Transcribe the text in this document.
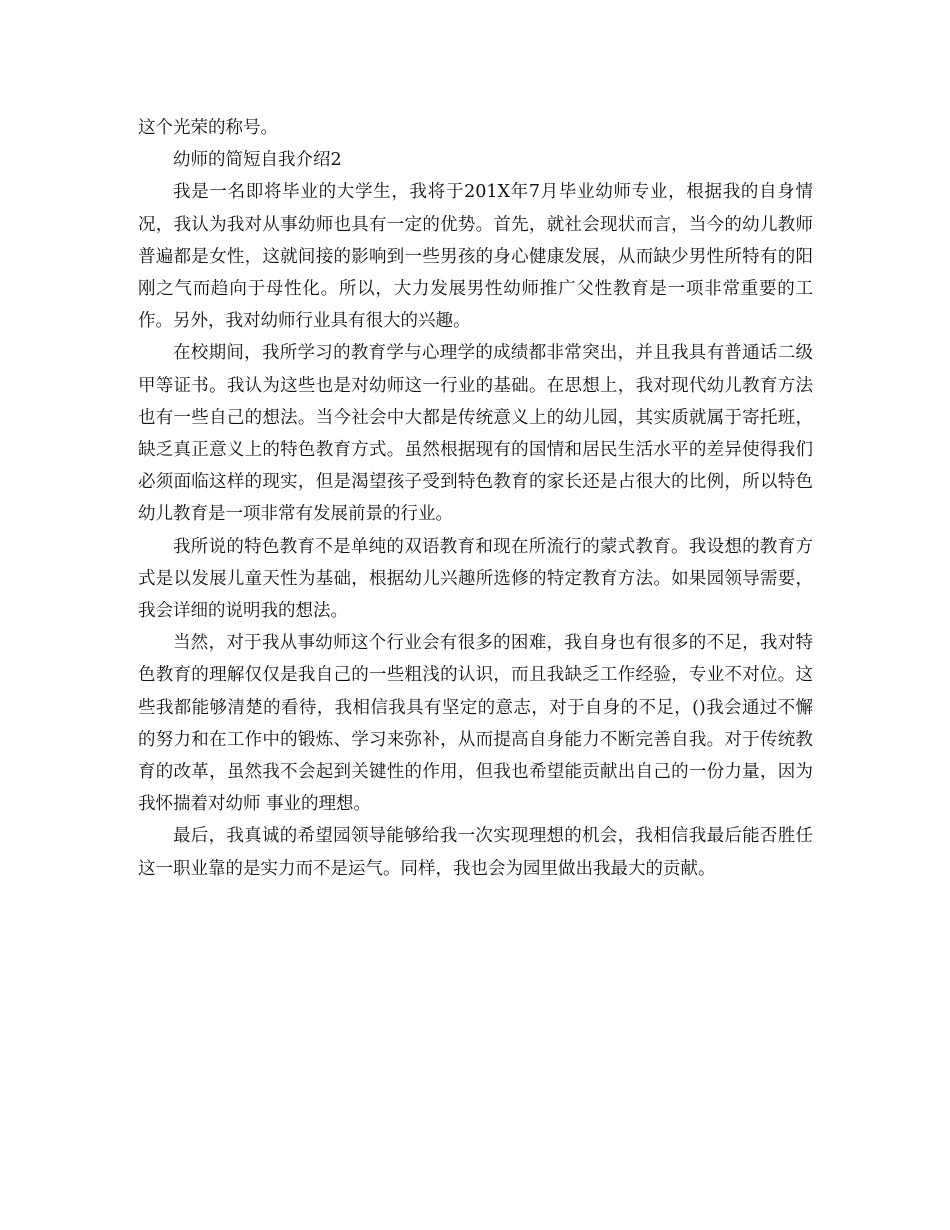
这个光荣的称号。

幼师的简短自我介绍2

我是一名即将毕业的大学生，我将于201X年7月毕业幼师专业，根据我的自身情况，我认为我对从事幼师也具有一定的优势。首先，就社会现状而言，当今的幼儿教师普遍都是女性，这就间接的影响到一些男孩的身心健康发展，从而缺少男性所特有的阳刚之气而趋向于母性化。所以，大力发展男性幼师推广父性教育是一项非常重要的工作。另外，我对幼师行业具有很大的兴趣。

在校期间，我所学习的教育学与心理学的成绩都非常突出，并且我具有普通话二级甲等证书。我认为这些也是对幼师这一行业的基础。在思想上，我对现代幼儿教育方法也有一些自己的想法。当今社会中大都是传统意义上的幼儿园，其实质就属于寄托班，缺乏真正意义上的特色教育方式。虽然根据现有的国情和居民生活水平的差异使得我们必须面临这样的现实，但是渴望孩子受到特色教育的家长还是占很大的比例，所以特色幼儿教育是一项非常有发展前景的行业。

我所说的特色教育不是单纯的双语教育和现在所流行的蒙式教育。我设想的教育方式是以发展儿童天性为基础，根据幼儿兴趣所选修的特定教育方法。如果园领导需要，我会详细的说明我的想法。

当然，对于我从事幼师这个行业会有很多的困难，我自身也有很多的不足，我对特色教育的理解仅仅是我自己的一些粗浅的认识，而且我缺乏工作经验，专业不对位。这些我都能够清楚的看待，我相信我具有坚定的意志，对于自身的不足，()我会通过不懈的努力和在工作中的锻炼、学习来弥补，从而提高自身能力不断完善自我。对于传统教育的改革，虽然我不会起到关键性的作用，但我也希望能贡献出自己的一份力量，因为我怀揣着对幼师 事业的理想。

最后，我真诚的希望园领导能够给我一次实现理想的机会，我相信我最后能否胜任这一职业靠的是实力而不是运气。同样，我也会为园里做出我最大的贡献。
